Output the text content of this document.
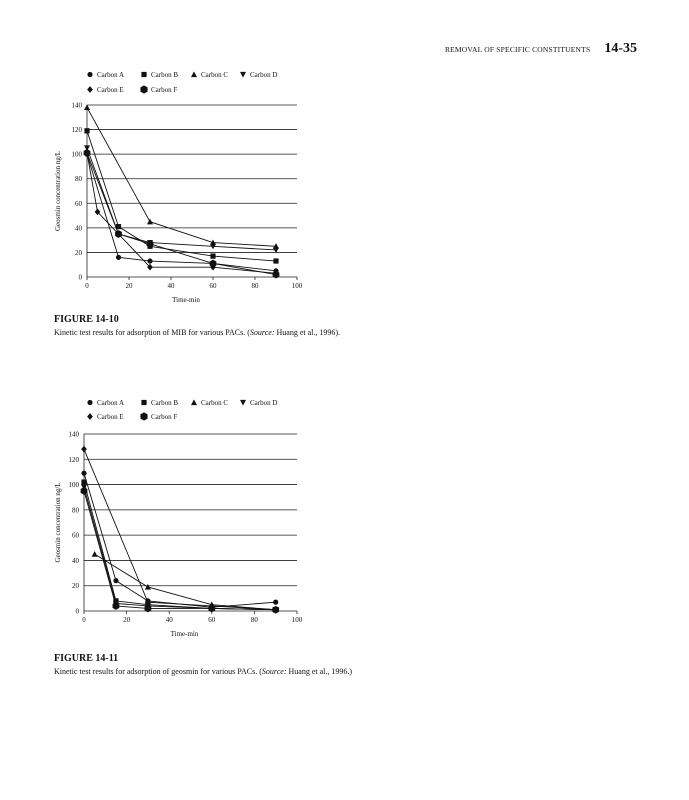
REMOVAL OF SPECIFIC CONSTITUENTS 14-35
0
20
40
60
80
100
120
140
0	20	40	60	80	100
Time-min
Geosmin concentration ng/L
Carbon A	Carbon B	Carbon C	Carbon D
Carbon E	Carbon F

FIGURE 14-10

Kinetic test results for adsorption of MIB for various PACs. (Source: Huang et al., 1996).

0
20
40
60
80
100
120
140
0	20	40	60	80	100
Time-min
Geosmin concentration ng/L
Carbon A	Carbon B	Carbon C	Carbon D
Carbon E	Carbon F

FIGURE 14-11

Kinetic test results for adsorption of geosmin for various PACs. (Source: Huang et al., 1996.)
